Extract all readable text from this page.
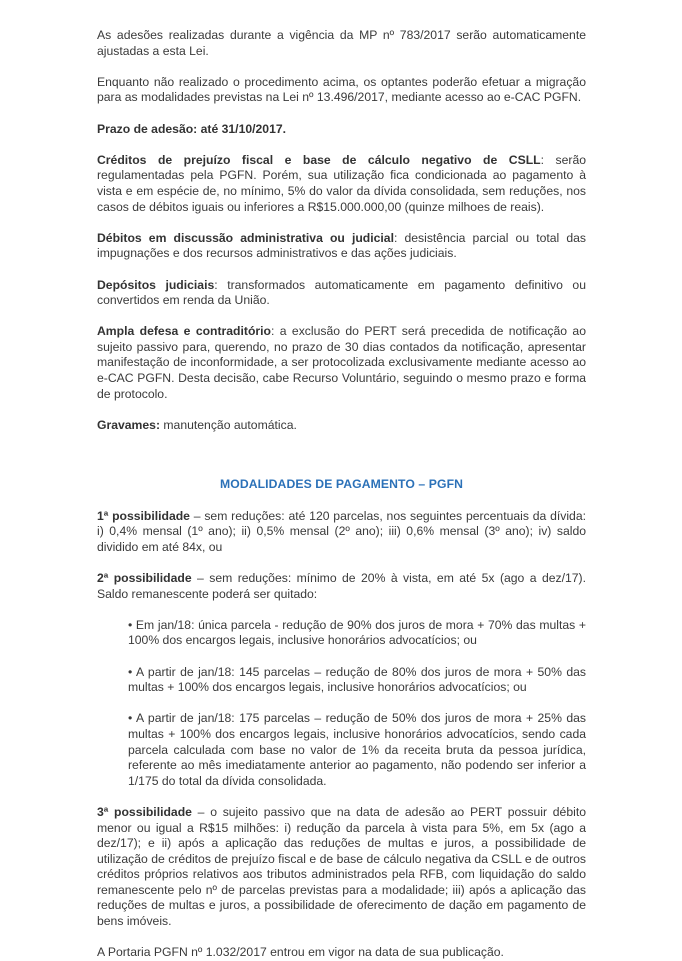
As adesões realizadas durante a vigência da MP nº 783/2017 serão automaticamente ajustadas a esta Lei.

Enquanto não realizado o procedimento acima, os optantes poderão efetuar a migração para as modalidades previstas na Lei nº 13.496/2017, mediante acesso ao e-CAC PGFN.

Prazo de adesão: até 31/10/2017.

Créditos de prejuízo fiscal e base de cálculo negativo de CSLL: serão regulamentadas pela PGFN. Porém, sua utilização fica condicionada ao pagamento à vista e em espécie de, no mínimo, 5% do valor da dívida consolidada, sem reduções, nos casos de débitos iguais ou inferiores a R$15.000.000,00 (quinze milhoes de reais).

Débitos em discussão administrativa ou judicial: desistência parcial ou total das impugnações e dos recursos administrativos e das ações judiciais.

Depósitos judiciais: transformados automaticamente em pagamento definitivo ou convertidos em renda da União.

Ampla defesa e contraditório: a exclusão do PERT será precedida de notificação ao sujeito passivo para, querendo, no prazo de 30 dias contados da notificação, apresentar manifestação de inconformidade, a ser protocolizada exclusivamente mediante acesso ao e-CAC PGFN. Desta decisão, cabe Recurso Voluntário, seguindo o mesmo prazo e forma de protocolo.

Gravames: manutenção automática.

MODALIDADES DE PAGAMENTO – PGFN

1ª possibilidade – sem reduções: até 120 parcelas, nos seguintes percentuais da dívida: i) 0,4% mensal (1º ano); ii) 0,5% mensal (2º ano); iii) 0,6% mensal (3º ano); iv) saldo dividido em até 84x, ou

2ª possibilidade – sem reduções: mínimo de 20% à vista, em até 5x (ago a dez/17). Saldo remanescente poderá ser quitado:

• Em jan/18: única parcela - redução de 90% dos juros de mora + 70% das multas + 100% dos encargos legais, inclusive honorários advocatícios; ou

• A partir de jan/18: 145 parcelas – redução de 80% dos juros de mora + 50% das multas + 100% dos encargos legais, inclusive honorários advocatícios; ou

• A partir de jan/18: 175 parcelas – redução de 50% dos juros de mora + 25% das multas + 100% dos encargos legais, inclusive honorários advocatícios, sendo cada parcela calculada com base no valor de 1% da receita bruta da pessoa jurídica, referente ao mês imediatamente anterior ao pagamento, não podendo ser inferior a 1/175 do total da dívida consolidada.

3ª possibilidade – o sujeito passivo que na data de adesão ao PERT possuir débito menor ou igual a R$15 milhões: i) redução da parcela à vista para 5%, em 5x (ago a dez/17); e ii) após a aplicação das reduções de multas e juros, a possibilidade de utilização de créditos de prejuízo fiscal e de base de cálculo negativa da CSLL e de outros créditos próprios relativos aos tributos administrados pela RFB, com liquidação do saldo remanescente pelo nº de parcelas previstas para a modalidade; iii) após a aplicação das reduções de multas e juros, a possibilidade de oferecimento de dação em pagamento de bens imóveis.

A Portaria PGFN nº 1.032/2017 entrou em vigor na data de sua publicação.
